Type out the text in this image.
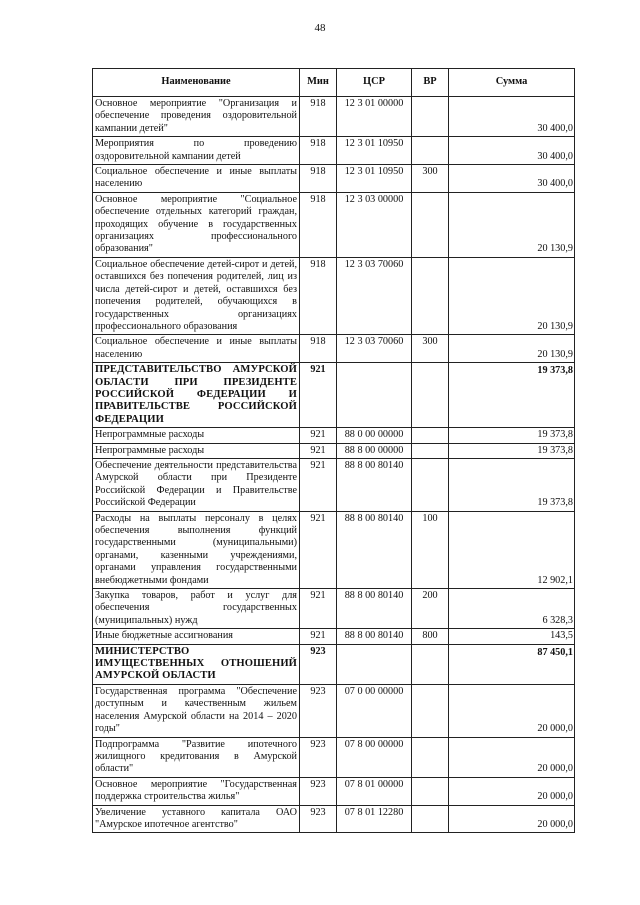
48
Наименование	Мин	ЦСР	ВР	Сумма
Основное мероприятие "Организация и обеспечение проведения оздоровительной кампании детей"	918	12 3 01 00000		30 400,0
Мероприятия по проведению оздоровительной кампании детей	918	12 3 01 10950		30 400,0
Социальное обеспечение и иные выплаты населению	918	12 3 01 10950	300	30 400,0
Основное мероприятие "Социальное обеспечение отдельных категорий граждан, проходящих обучение в государственных организациях профессионального образования"	918	12 3 03 00000		20 130,9
Социальное обеспечение детей-сирот и детей, оставшихся без попечения родителей, лиц из числа детей-сирот и детей, оставшихся без попечения родителей, обучающихся в государственных организациях профессионального образования	918	12 3 03 70060		20 130,9
Социальное обеспечение и иные выплаты населению	918	12 3 03 70060	300	20 130,9
ПРЕДСТАВИТЕЛЬСТВО АМУРСКОЙ ОБЛАСТИ ПРИ ПРЕЗИДЕНТЕ РОССИЙСКОЙ ФЕДЕРАЦИИ И ПРАВИТЕЛЬСТВЕ РОССИЙСКОЙ ФЕДЕРАЦИИ	921			19 373,8
Непрограммные расходы	921	88 0 00 00000		19 373,8
Непрограммные расходы	921	88 8 00 00000		19 373,8
Обеспечение деятельности представительства Амурской области при Президенте Российской Федерации и Правительстве Российской Федерации	921	88 8 00 80140		19 373,8
Расходы на выплаты персоналу в целях обеспечения выполнения функций государственными (муниципальными) органами, казенными учреждениями, органами управления государственными внебюджетными фондами	921	88 8 00 80140	100	12 902,1
Закупка товаров, работ и услуг для обеспечения государственных (муниципальных) нужд	921	88 8 00 80140	200	6 328,3
Иные бюджетные ассигнования	921	88 8 00 80140	800	143,5
МИНИСТЕРСТВО ИМУЩЕСТВЕННЫХ ОТНОШЕНИЙ АМУРСКОЙ ОБЛАСТИ	923			87 450,1
Государственная программа "Обеспечение доступным и качественным жильем населения Амурской области на 2014 – 2020 годы"	923	07 0 00 00000		20 000,0
Подпрограмма "Развитие ипотечного жилищного кредитования в Амурской области"	923	07 8 00 00000		20 000,0
Основное мероприятие "Государственная поддержка строительства жилья"	923	07 8 01 00000		20 000,0
Увеличение уставного капитала ОАО "Амурское ипотечное агентство"	923	07 8 01 12280		20 000,0
